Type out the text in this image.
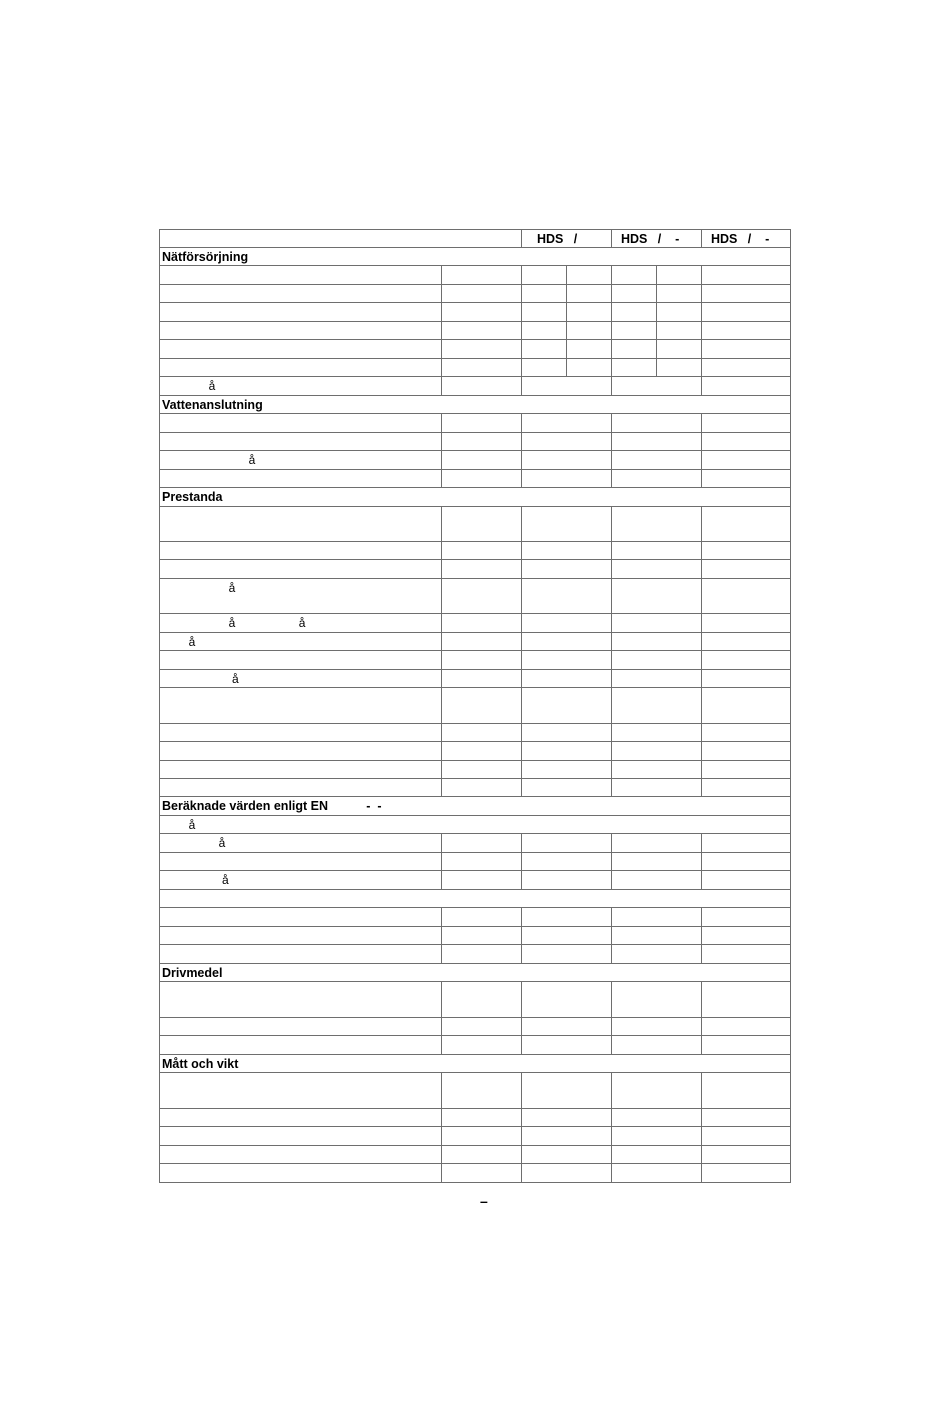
HDS   /	HDS   /    -	HDS   /    -
Nätförsörjning
å
Vattenanslutning
å
Prestanda
å
å                   å
å
å
Beräknade värden enligt EN           -  -
å
å
å
Drivmedel
Mått och vikt
–
